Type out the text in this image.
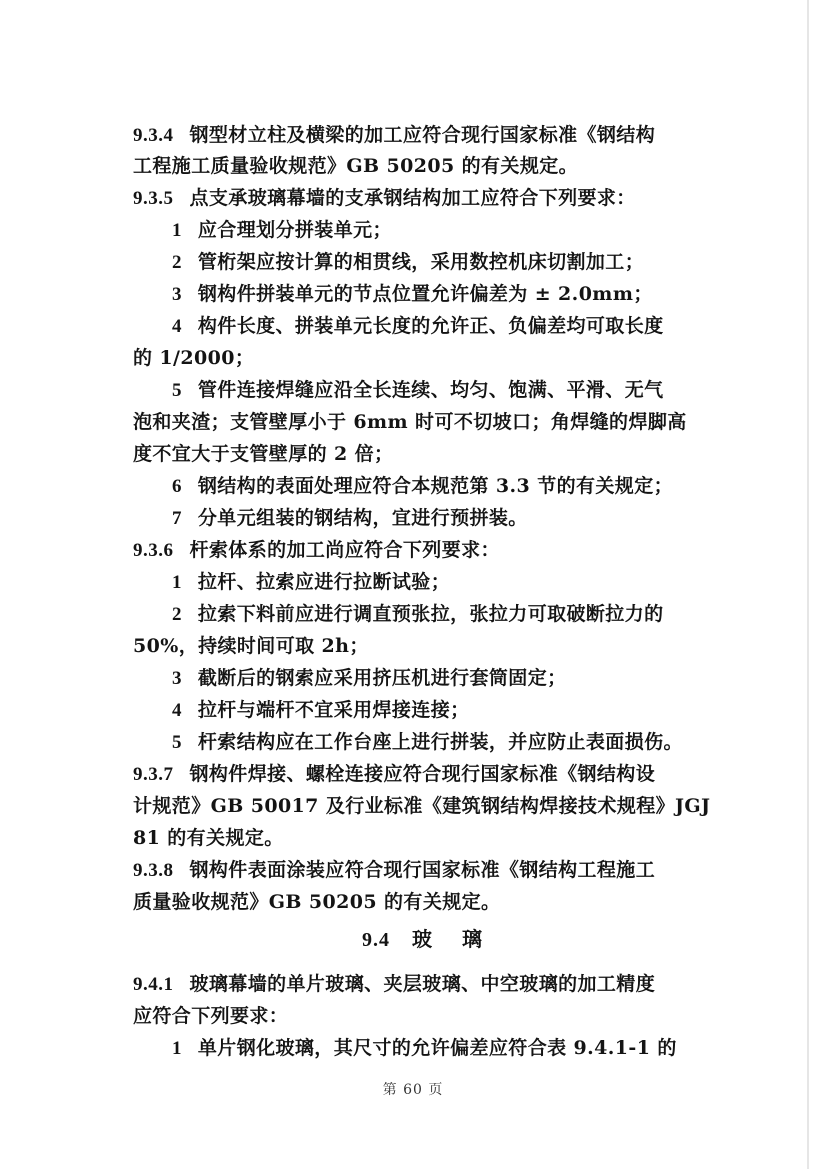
9.3.4 钢型材立柱及横梁的加工应符合现行国家标准《钢结构
工程施工质量验收规范》GB 50205 的有关规定。
9.3.5 点支承玻璃幕墙的支承钢结构加工应符合下列要求：
1 应合理划分拼装单元；
2 管桁架应按计算的相贯线，采用数控机床切割加工；
3 钢构件拼装单元的节点位置允许偏差为 ± 2.0mm；
4 构件长度、拼装单元长度的允许正、负偏差均可取长度
的 1/2000；
5 管件连接焊缝应沿全长连续、均匀、饱满、平滑、无气
泡和夹渣；支管壁厚小于 6mm 时可不切坡口；角焊缝的焊脚高
度不宜大于支管壁厚的 2 倍；
6 钢结构的表面处理应符合本规范第 3.3 节的有关规定；
7 分单元组装的钢结构，宜进行预拼装。
9.3.6 杆索体系的加工尚应符合下列要求：
1 拉杆、拉索应进行拉断试验；
2 拉索下料前应进行调直预张拉，张拉力可取破断拉力的
50%，持续时间可取 2h；
3 截断后的钢索应采用挤压机进行套筒固定；
4 拉杆与端杆不宜采用焊接连接；
5 杆索结构应在工作台座上进行拼装，并应防止表面损伤。
9.3.7 钢构件焊接、螺栓连接应符合现行国家标准《钢结构设
计规范》GB 50017 及行业标准《建筑钢结构焊接技术规程》JGJ
81 的有关规定。
9.3.8 钢构件表面涂装应符合现行国家标准《钢结构工程施工
质量验收规范》GB 50205 的有关规定。
9.4 玻璃
9.4.1 玻璃幕墙的单片玻璃、夹层玻璃、中空玻璃的加工精度
应符合下列要求：
1 单片钢化玻璃，其尺寸的允许偏差应符合表 9.4.1-1 的
第 60 页
